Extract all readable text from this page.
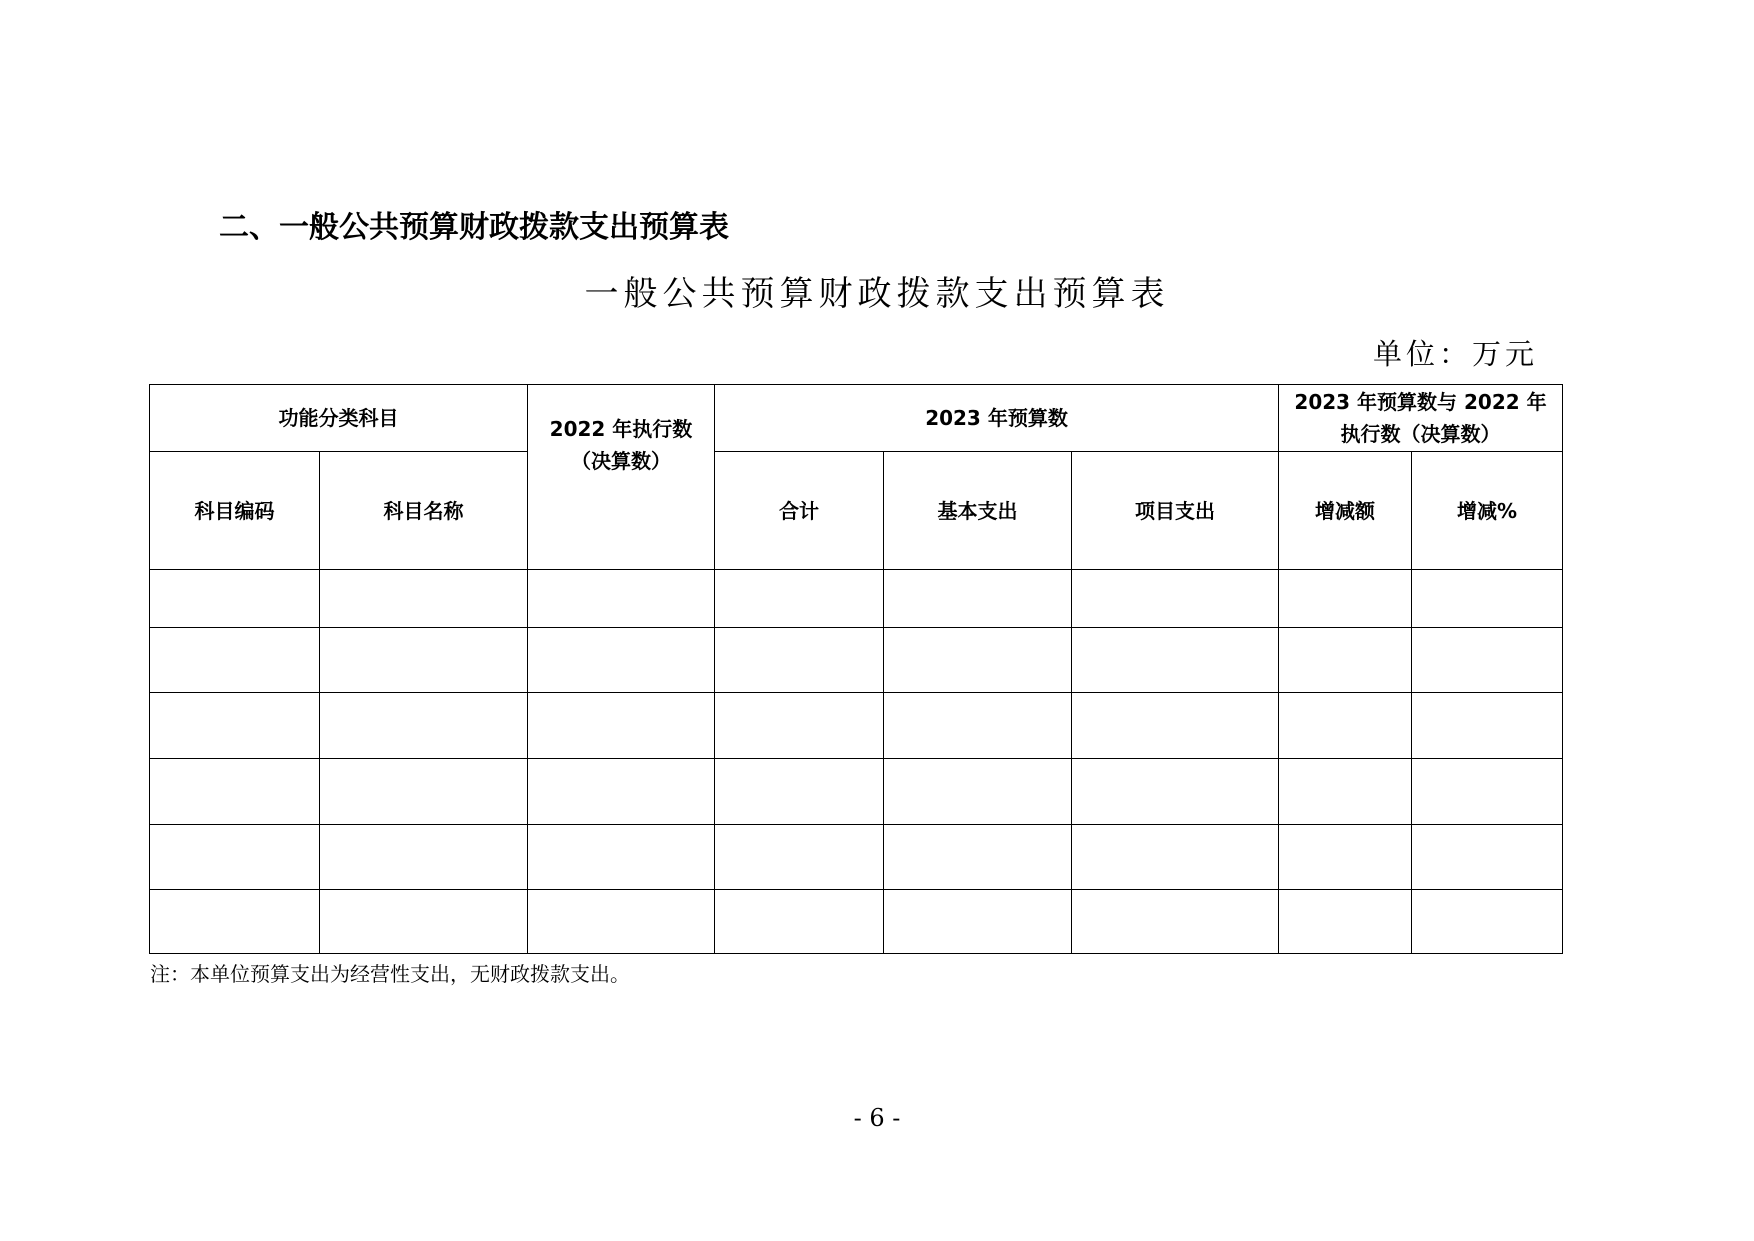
二、一般公共预算财政拨款支出预算表
一般公共预算财政拨款支出预算表
单位：万元
功能分类科目		2022 年执行数（决算数）	2023 年预算数			2023 年预算数与 2022 年执行数（决算数）	
科目编码	科目名称		合计	基本支出	项目支出	增减额	增减%

注：本单位预算支出为经营性支出，无财政拨款支出。
- 6 -
